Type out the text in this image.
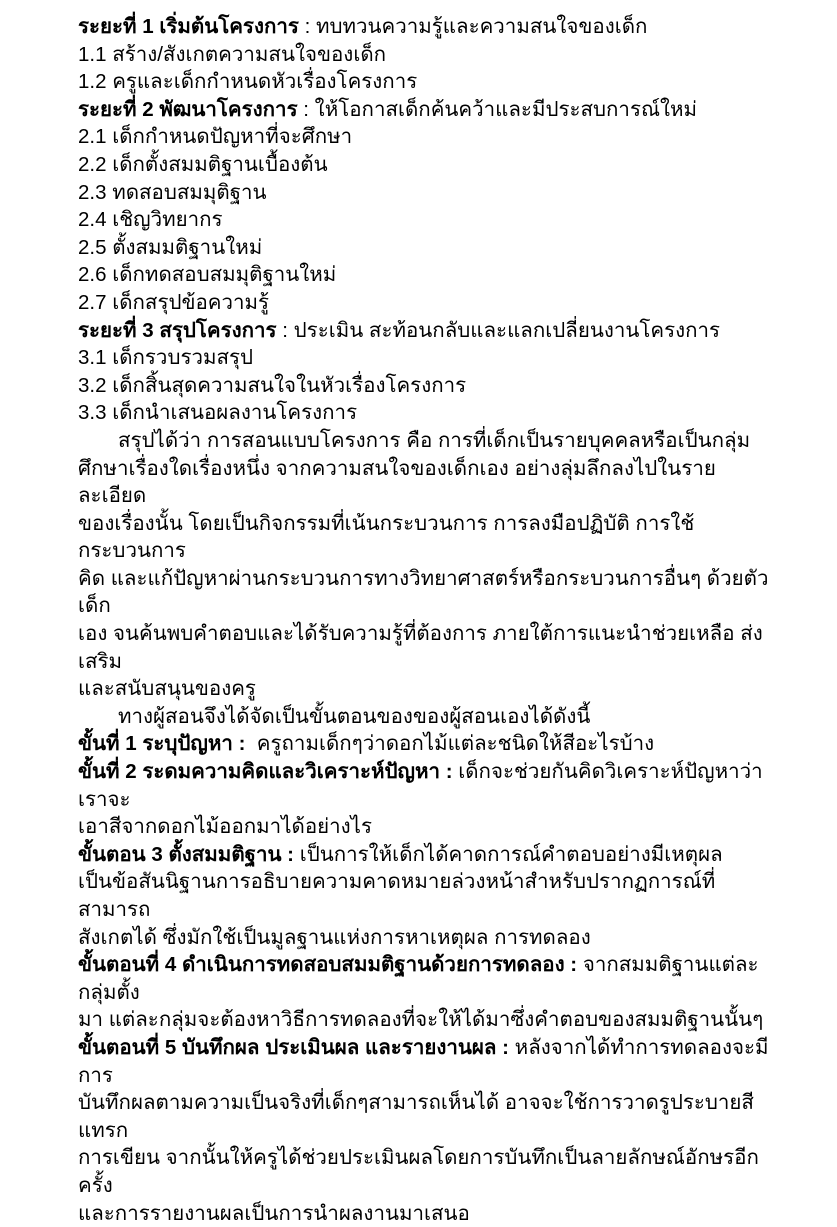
ระยะที่ 1 เริ่มต้นโครงการ : ทบทวนความรู้และความสนใจของเด็ก
1.1 สร้าง/สังเกตความสนใจของเด็ก
1.2 ครูและเด็กกำหนดหัวเรื่องโครงการ
ระยะที่ 2 พัฒนาโครงการ : ให้โอกาสเด็กค้นคว้าและมีประสบการณ์ใหม่
2.1 เด็กกำหนดปัญหาที่จะศึกษา
2.2 เด็กตั้งสมมติฐานเบื้องต้น
2.3 ทดสอบสมมุติฐาน
2.4 เชิญวิทยากร
2.5 ตั้งสมมติฐานใหม่
2.6 เด็กทดสอบสมมุติฐานใหม่
2.7 เด็กสรุปข้อความรู้
ระยะที่ 3 สรุปโครงการ : ประเมิน สะท้อนกลับและแลกเปลี่ยนงานโครงการ
3.1 เด็กรวบรวมสรุป
3.2 เด็กสิ้นสุดความสนใจในหัวเรื่องโครงการ
3.3 เด็กนำเสนอผลงานโครงการ
สรุปได้ว่า การสอนแบบโครงการ คือ การที่เด็กเป็นรายบุคคลหรือเป็นกลุ่ม
ศึกษาเรื่องใดเรื่องหนึ่ง จากความสนใจของเด็กเอง อย่างลุ่มลึกลงไปในรายละเอียด
ของเรื่องนั้น โดยเป็นกิจกรรมที่เน้นกระบวนการ การลงมือปฏิบัติ การใช้กระบวนการ
คิด และแก้ปัญหาผ่านกระบวนการทางวิทยาศาสตร์หรือกระบวนการอื่นๆ ด้วยตัวเด็ก
เอง จนค้นพบคำตอบและได้รับความรู้ที่ต้องการ ภายใต้การแนะนำช่วยเหลือ ส่งเสริม
และสนับสนุนของครู
ทางผู้สอนจึงได้จัดเป็นขั้นตอนของของผู้สอนเองได้ดังนี้
ขั้นที่ 1 ระบุปัญหา :  ครูถามเด็กๆว่าดอกไม้แต่ละชนิดให้สีอะไรบ้าง
ขั้นที่ 2 ระดมความคิดและวิเคราะห์ปัญหา : เด็กจะช่วยกันคิดวิเคราะห์ปัญหาว่าเราจะ
เอาสีจากดอกไม้ออกมาได้อย่างไร
ขั้นตอน 3 ตั้งสมมติฐาน : เป็นการให้เด็กได้คาดการณ์คำตอบอย่างมีเหตุผล
เป็นข้อสันนิฐานการอธิบายความคาดหมายล่วงหน้าสำหรับปรากฏการณ์ที่สามารถ
สังเกตได้ ซึ่งมักใช้เป็นมูลฐานแห่งการหาเหตุผล การทดลอง
ขั้นตอนที่ 4 ดำเนินการทดสอบสมมติฐานด้วยการทดลอง : จากสมมติฐานแต่ละกลุ่มตั้ง
มา แต่ละกลุ่มจะต้องหาวิธีการทดลองที่จะให้ได้มาซึ่งคำตอบของสมมติฐานนั้นๆ
ขั้นตอนที่ 5 บันทึกผล ประเมินผล และรายงานผล : หลังจากได้ทำการทดลองจะมีการ
บันทึกผลตามความเป็นจริงที่เด็กๆสามารถเห็นได้ อาจจะใช้การวาดรูประบายสีแทรก
การเขียน จากนั้นให้ครูได้ช่วยประเมินผลโดยการบันทึกเป็นลายลักษณ์อักษรอีกครั้ง
และการรายงานผลเป็นการนำผลงานมาเสนอ
